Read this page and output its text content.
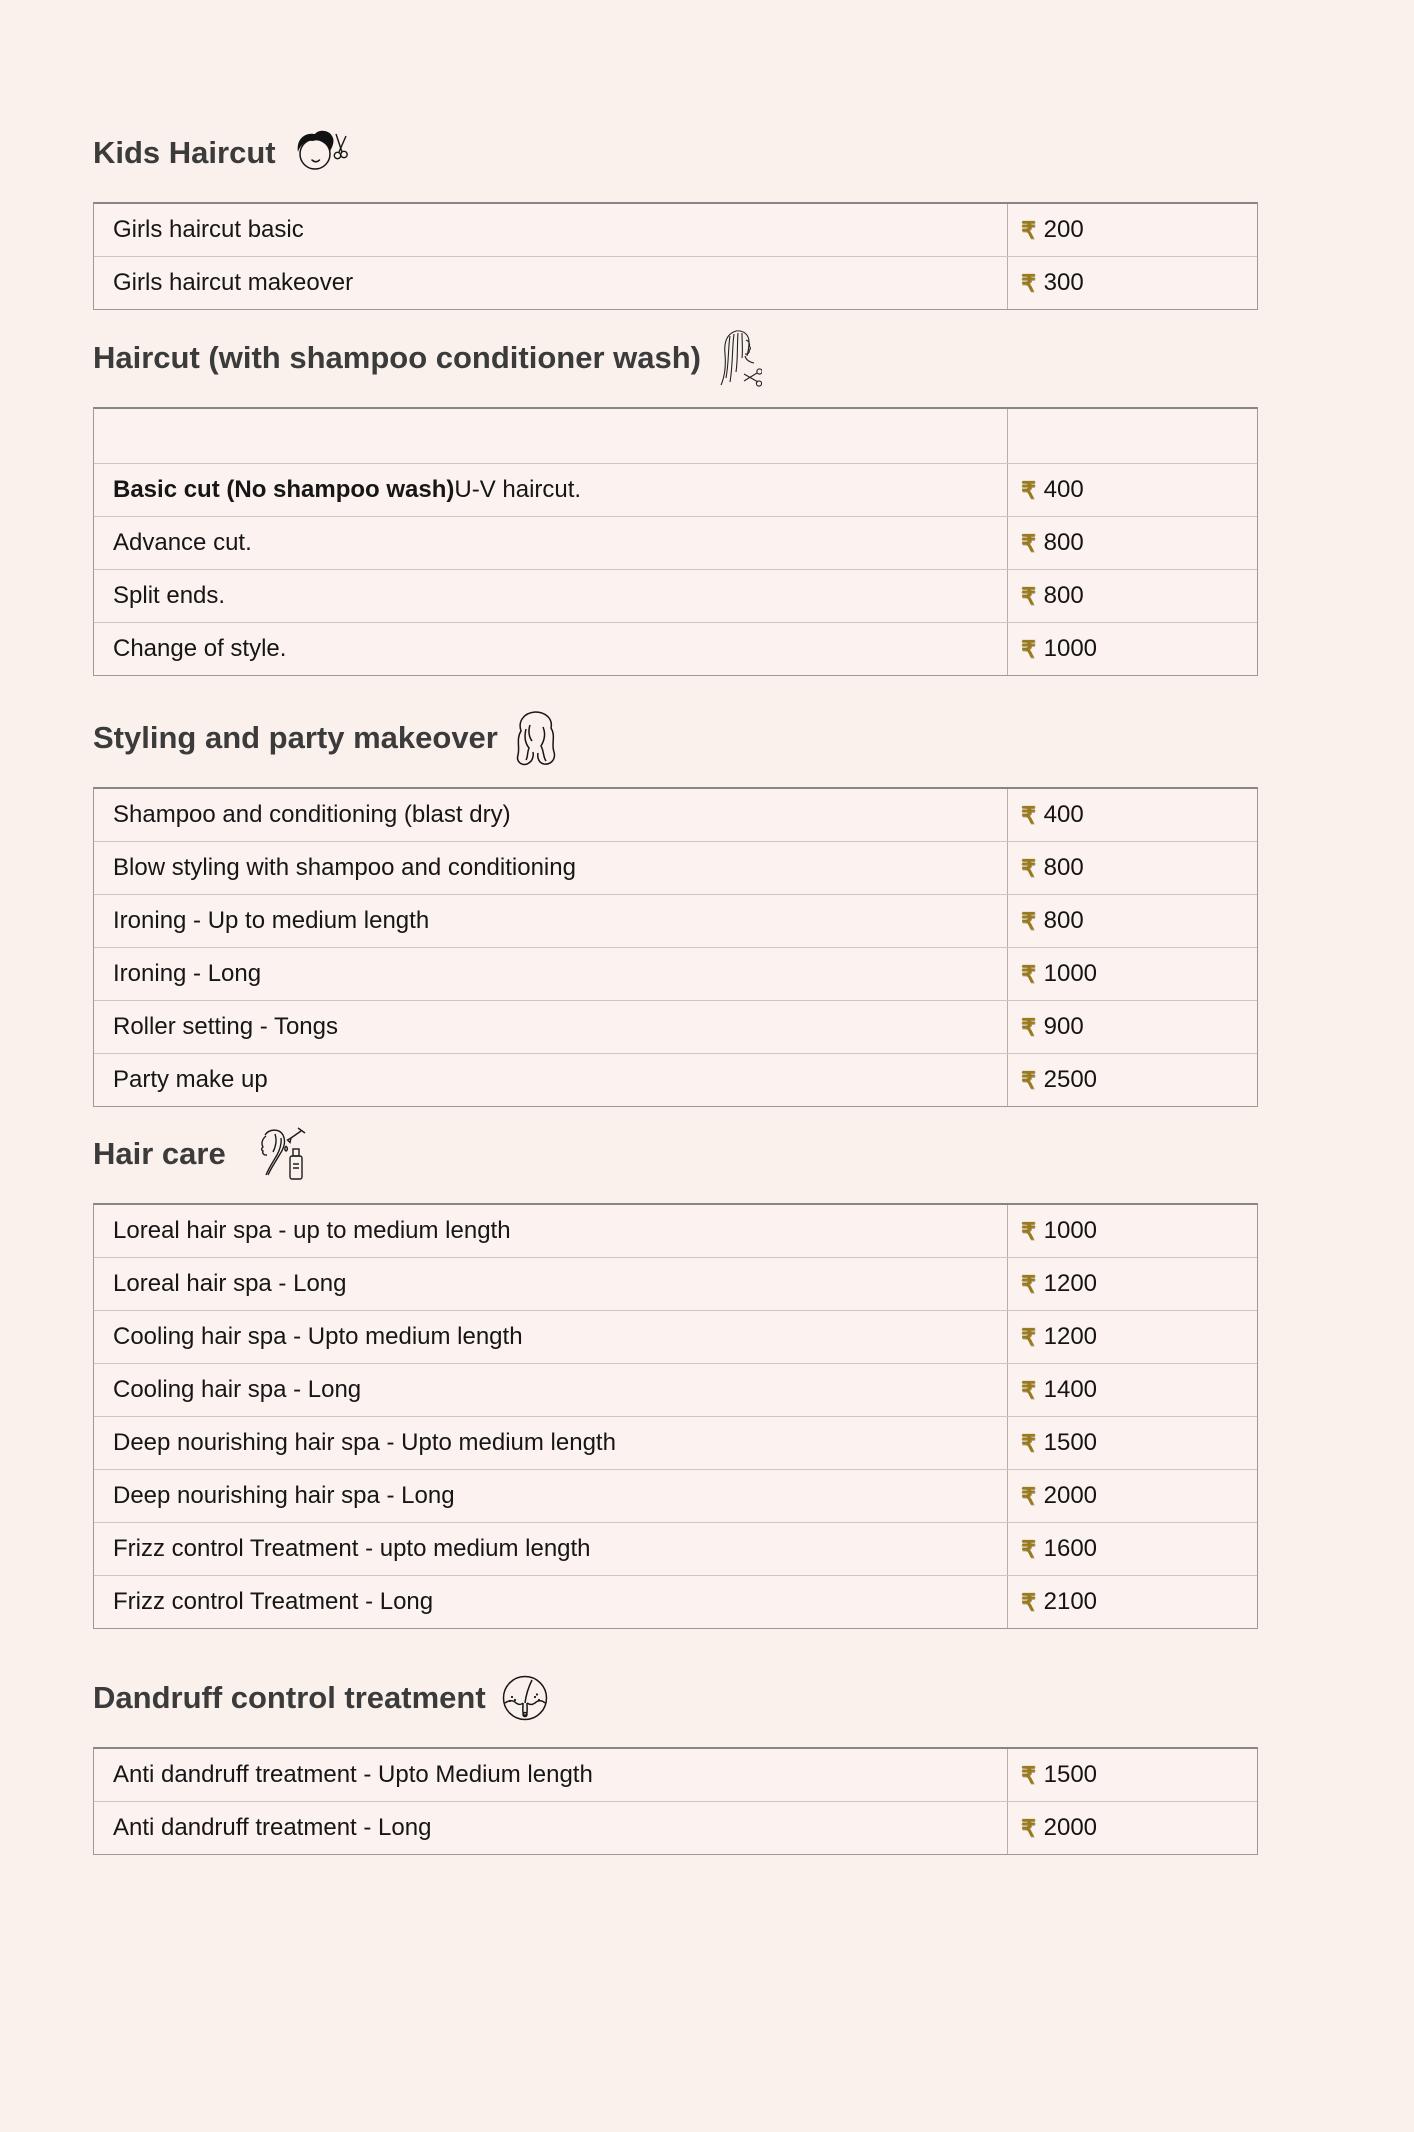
Kids Haircut
Girls haircut basic	₹ 200
Girls haircut makeover	₹ 300
Haircut (with shampoo conditioner wash)
Basic cut (No shampoo wash) U-V haircut.	₹ 400
Advance cut.	₹ 800
Split ends.	₹ 800
Change of style.	₹ 1000
Styling and party makeover
Shampoo and conditioning (blast dry)	₹ 400
Blow styling with shampoo and conditioning	₹ 800
Ironing - Up to medium length	₹ 800
Ironing - Long	₹ 1000
Roller setting - Tongs	₹ 900
Party make up	₹ 2500
Hair care
Loreal hair spa - up to medium length	₹ 1000
Loreal hair spa - Long	₹ 1200
Cooling hair spa - Upto medium length	₹ 1200
Cooling hair spa - Long	₹ 1400
Deep nourishing hair spa - Upto medium length	₹ 1500
Deep nourishing hair spa - Long	₹ 2000
Frizz control Treatment - upto medium length	₹ 1600
Frizz control Treatment - Long	₹ 2100
Dandruff control treatment
Anti dandruff treatment - Upto Medium length	₹ 1500
Anti dandruff treatment - Long	₹ 2000
